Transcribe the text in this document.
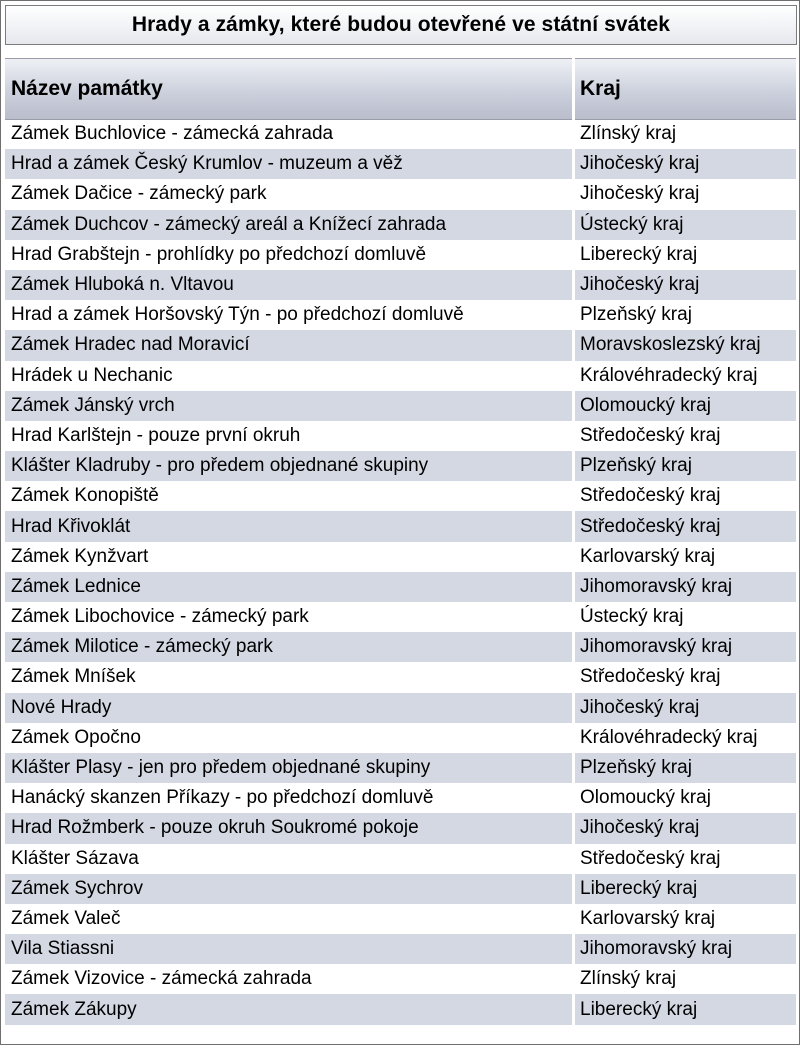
Hrady a zámky, které budou otevřené ve státní svátek
Název památky	Kraj
Zámek Buchlovice - zámecká zahrada	Zlínský kraj
Hrad a zámek Český Krumlov - muzeum a věž	Jihočeský kraj
Zámek Dačice - zámecký park	Jihočeský kraj
Zámek Duchcov - zámecký areál a Knížecí zahrada	Ústecký kraj
Hrad Grabštejn - prohlídky po předchozí domluvě	Liberecký kraj
Zámek Hluboká n. Vltavou	Jihočeský kraj
Hrad a zámek Horšovský Týn - po předchozí domluvě	Plzeňský kraj
Zámek Hradec nad Moravicí	Moravskoslezský kraj
Hrádek u Nechanic	Královéhradecký kraj
Zámek Jánský vrch	Olomoucký kraj
Hrad Karlštejn - pouze první okruh	Středočeský kraj
Klášter Kladruby - pro předem objednané skupiny	Plzeňský kraj
Zámek Konopiště	Středočeský kraj
Hrad Křivoklát	Středočeský kraj
Zámek Kynžvart	Karlovarský kraj
Zámek Lednice	Jihomoravský kraj
Zámek Libochovice - zámecký park	Ústecký kraj
Zámek Milotice - zámecký park	Jihomoravský kraj
Zámek Mníšek	Středočeský kraj
Nové Hrady	Jihočeský kraj
Zámek Opočno	Královéhradecký kraj
Klášter Plasy - jen pro předem objednané skupiny	Plzeňský kraj
Hanácký skanzen Příkazy - po předchozí domluvě	Olomoucký kraj
Hrad Rožmberk - pouze okruh Soukromé pokoje	Jihočeský kraj
Klášter Sázava	Středočeský kraj
Zámek Sychrov	Liberecký kraj
Zámek Valeč	Karlovarský kraj
Vila Stiassni	Jihomoravský kraj
Zámek Vizovice - zámecká zahrada	Zlínský kraj
Zámek Zákupy	Liberecký kraj
